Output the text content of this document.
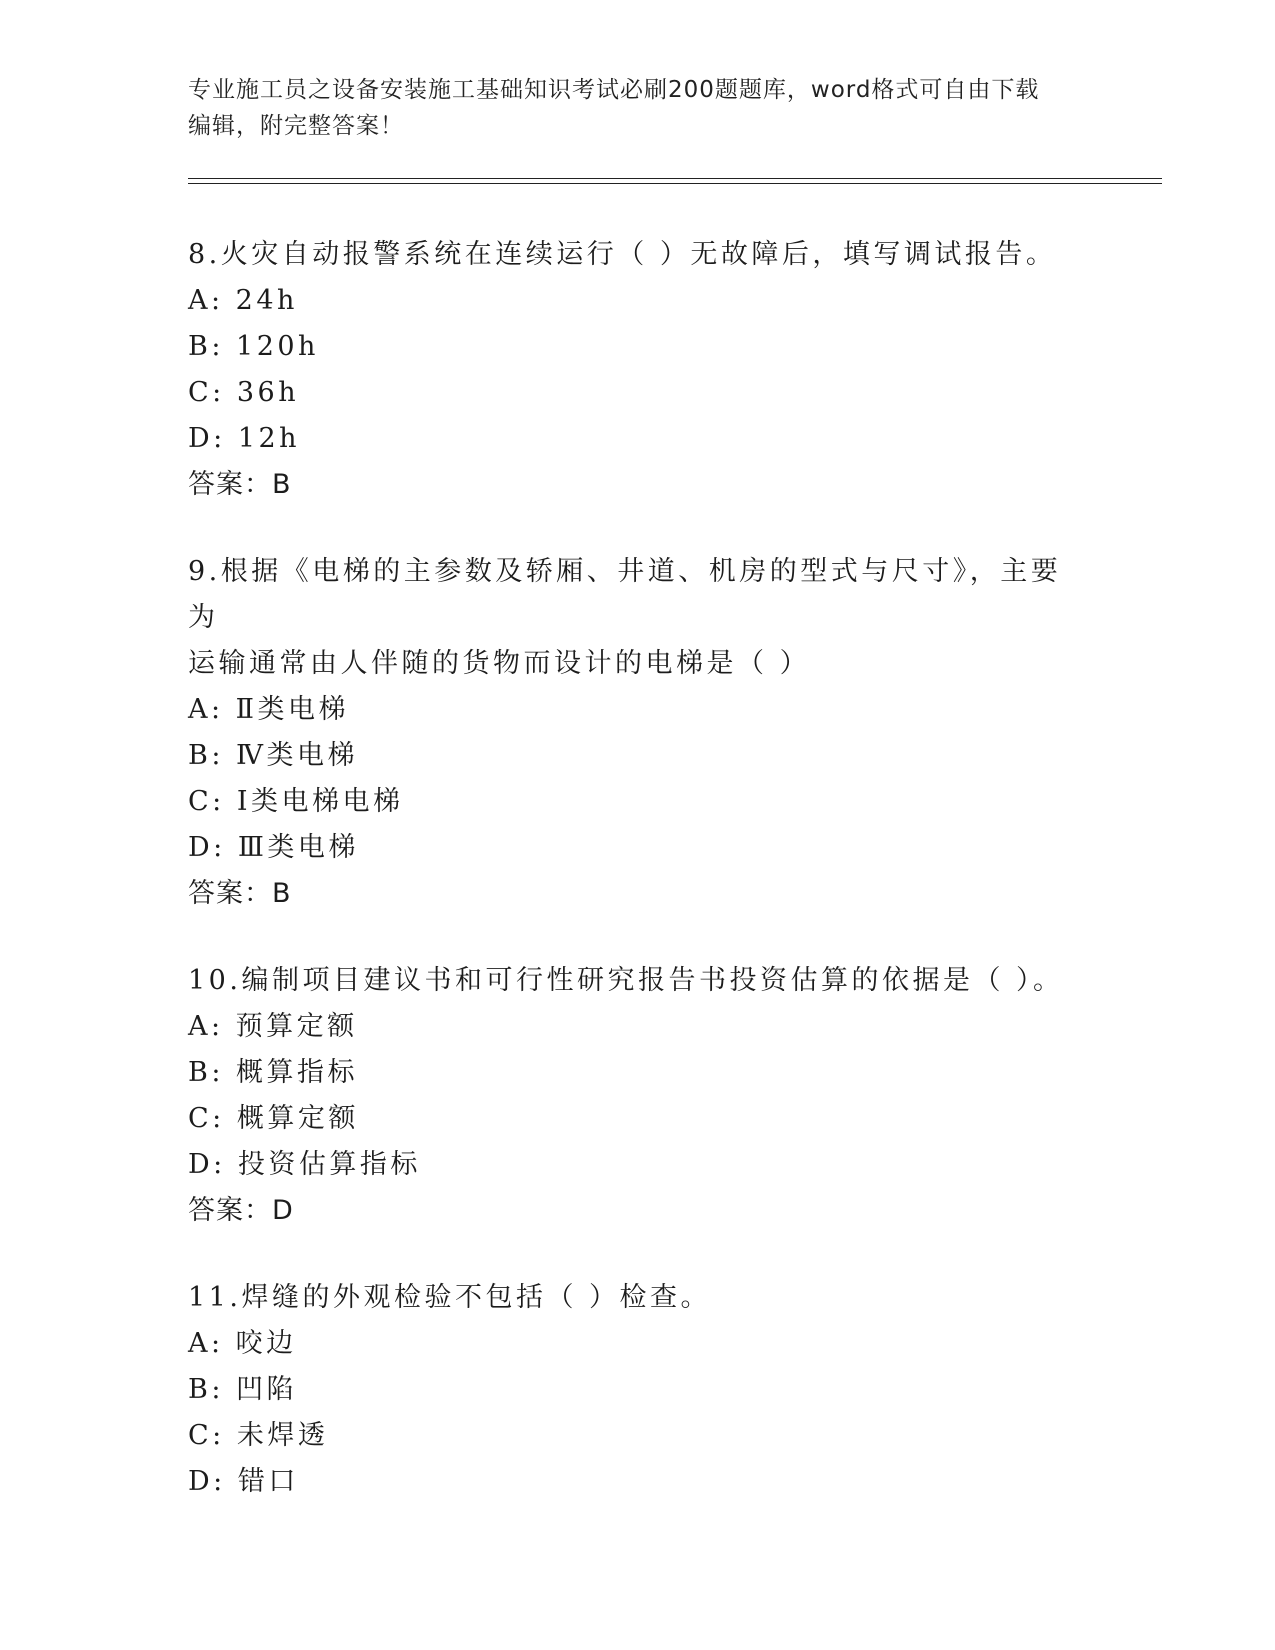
专业施工员之设备安装施工基础知识考试必刷200题题库，word格式可自由下载
编辑，附完整答案！
8.火灾自动报警系统在连续运行（ ）无故障后，填写调试报告。
A: 24h
B: 120h
C: 36h
D: 12h
答案：B
9.根据《电梯的主参数及轿厢、井道、机房的型式与尺寸》，主要为
运输通常由人伴随的货物而设计的电梯是（ ）
A: Ⅱ类电梯
B: Ⅳ类电梯
C: Ⅰ类电梯电梯
D: Ⅲ类电梯
答案：B
10.编制项目建议书和可行性研究报告书投资估算的依据是（ ）。
A: 预算定额
B: 概算指标
C: 概算定额
D: 投资估算指标
答案：D
11.焊缝的外观检验不包括（ ）检查。
A: 咬边
B: 凹陷
C: 未焊透
D: 错口
